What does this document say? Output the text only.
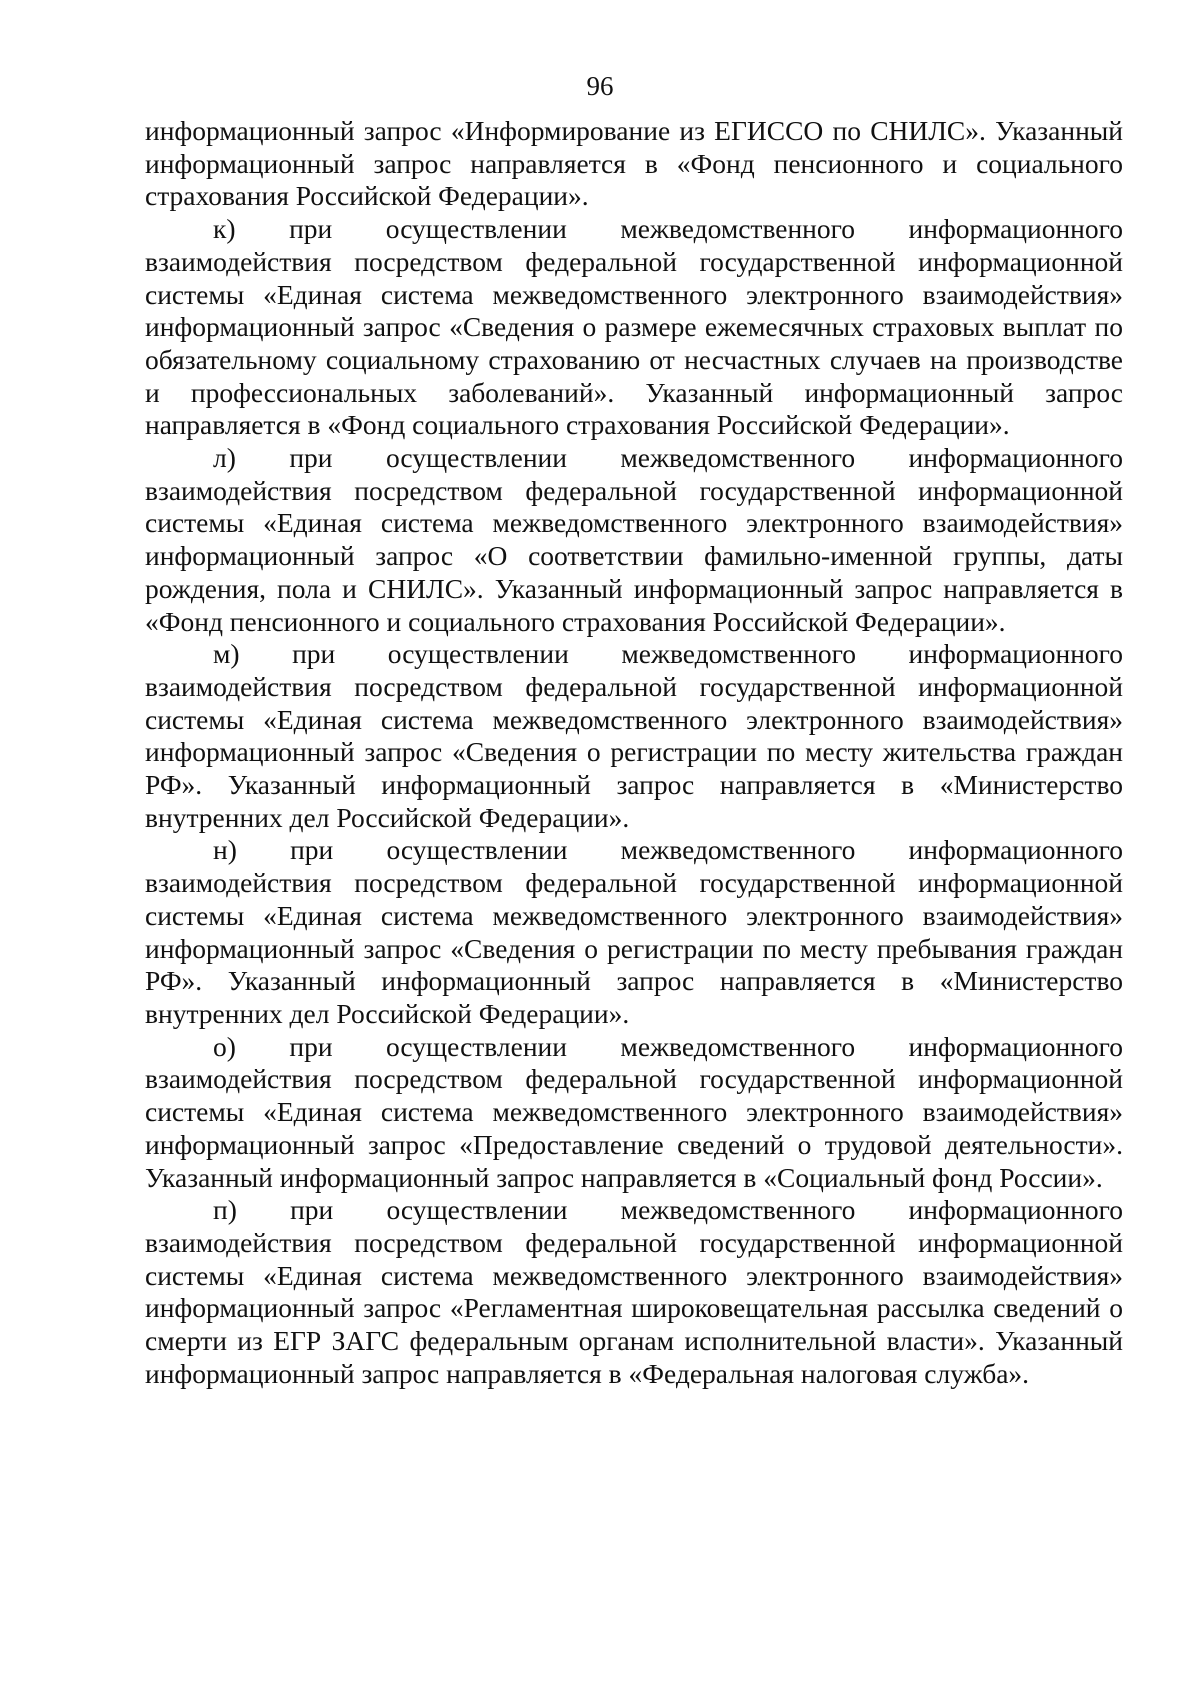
96

информационный запрос «Информирование из ЕГИССО по СНИЛС». Указанный информационный запрос направляется в «Фонд пенсионного и социального страхования Российской Федерации».

к) при осуществлении межведомственного информационного взаимодействия посредством федеральной государственной информационной системы «Единая система межведомственного электронного взаимодействия» информационный запрос «Сведения о размере ежемесячных страховых выплат по обязательному социальному страхованию от несчастных случаев на производстве и профессиональных заболеваний». Указанный информационный запрос направляется в «Фонд социального страхования Российской Федерации».

л) при осуществлении межведомственного информационного взаимодействия посредством федеральной государственной информационной системы «Единая система межведомственного электронного взаимодействия» информационный запрос «О соответствии фамильно-именной группы, даты рождения, пола и СНИЛС». Указанный информационный запрос направляется в «Фонд пенсионного и социального страхования Российской Федерации».

м) при осуществлении межведомственного информационного взаимодействия посредством федеральной государственной информационной системы «Единая система межведомственного электронного взаимодействия» информационный запрос «Сведения о регистрации по месту жительства граждан РФ». Указанный информационный запрос направляется в «Министерство внутренних дел Российской Федерации».

н) при осуществлении межведомственного информационного взаимодействия посредством федеральной государственной информационной системы «Единая система межведомственного электронного взаимодействия» информационный запрос «Сведения о регистрации по месту пребывания граждан РФ». Указанный информационный запрос направляется в «Министерство внутренних дел Российской Федерации».

о) при осуществлении межведомственного информационного взаимодействия посредством федеральной государственной информационной системы «Единая система межведомственного электронного взаимодействия» информационный запрос «Предоставление сведений о трудовой деятельности». Указанный информационный запрос направляется в «Социальный фонд России».

п) при осуществлении межведомственного информационного взаимодействия посредством федеральной государственной информационной системы «Единая система межведомственного электронного взаимодействия» информационный запрос «Регламентная широковещательная рассылка сведений о смерти из ЕГР ЗАГС федеральным органам исполнительной власти». Указанный информационный запрос направляется в «Федеральная налоговая служба».
